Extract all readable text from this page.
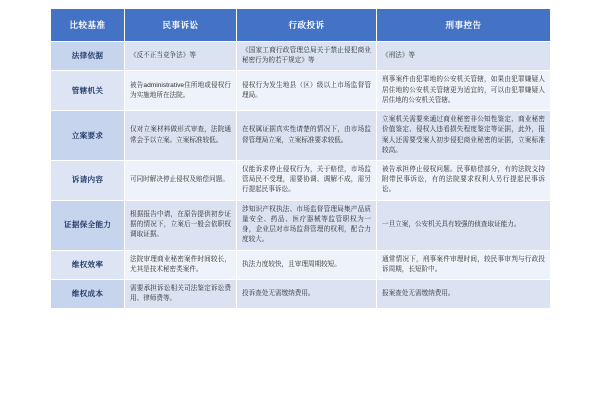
比较基准	民事诉讼	行政投诉	刑事控告
法律依据	《反不正当竞争法》等	《国家工商行政管理总局关于禁止侵犯商业秘密行为的若干规定》等	《刑法》等
管辖机关	被告administrative住所地或侵权行为实施地所在法院。	侵权行为发生地县（区）级以上市场监督管理局。	刑事案件由犯罪地的公安机关管辖，如果由犯罪嫌疑人居住地的公安机关管辖更为适宜的，可以由犯罪嫌疑人居住地的公安机关管辖。
立案要求	仅对立案材料做形式审查，法院通常会予以立案。立案标准较低。	在权属证据真实性请楚的情况下，由市场监督管理局立案，立案标准要求较低。	立案机关需要来通过商业秘密非公知性鉴定、商业秘密价值鉴定、侵权人违看损失程度鉴定等证据，此外，报案人还需要受案人初步侵犯商业秘密的证据，立案标准较高。
诉请内容	可同时解决停止侵权及赔偿问题。	仅能诉求停止侵权行为，关于赔偿，市场监管局民不受理，需要协调、调解不成，需另行提起民事诉讼。	被告承担停止侵权问题。民事赔偿部分，有的法院支持附带民事诉讼，有的法院要求权利人另行提起民事诉讼。
证据保全能力	根据报告中请，在原告提供初步证据的情况下，立案后一般会依职权调取证据。	涉知识产权执法、市场监督管理局集产品质量安全、药品、医疗器械等监管职权为一身，企业层对市场监督管理的权利，配合力度较大。	一旦立案，公安机关具有较强的侦查取证能力。
维权效率	法院审理商业秘密案件时间较长，尤其是技术秘密类案件。	执法力度较快，且审理周期较短。	通常情况下，刑事案件审理时间，较民事审判与行政投诉周期，长短阶中。
维权成本	需要承担诉讼相关司法鉴定诉讼费用、律师费等。	投诉查处无需缴纳费用。	报案查处无需缴纳费用。
